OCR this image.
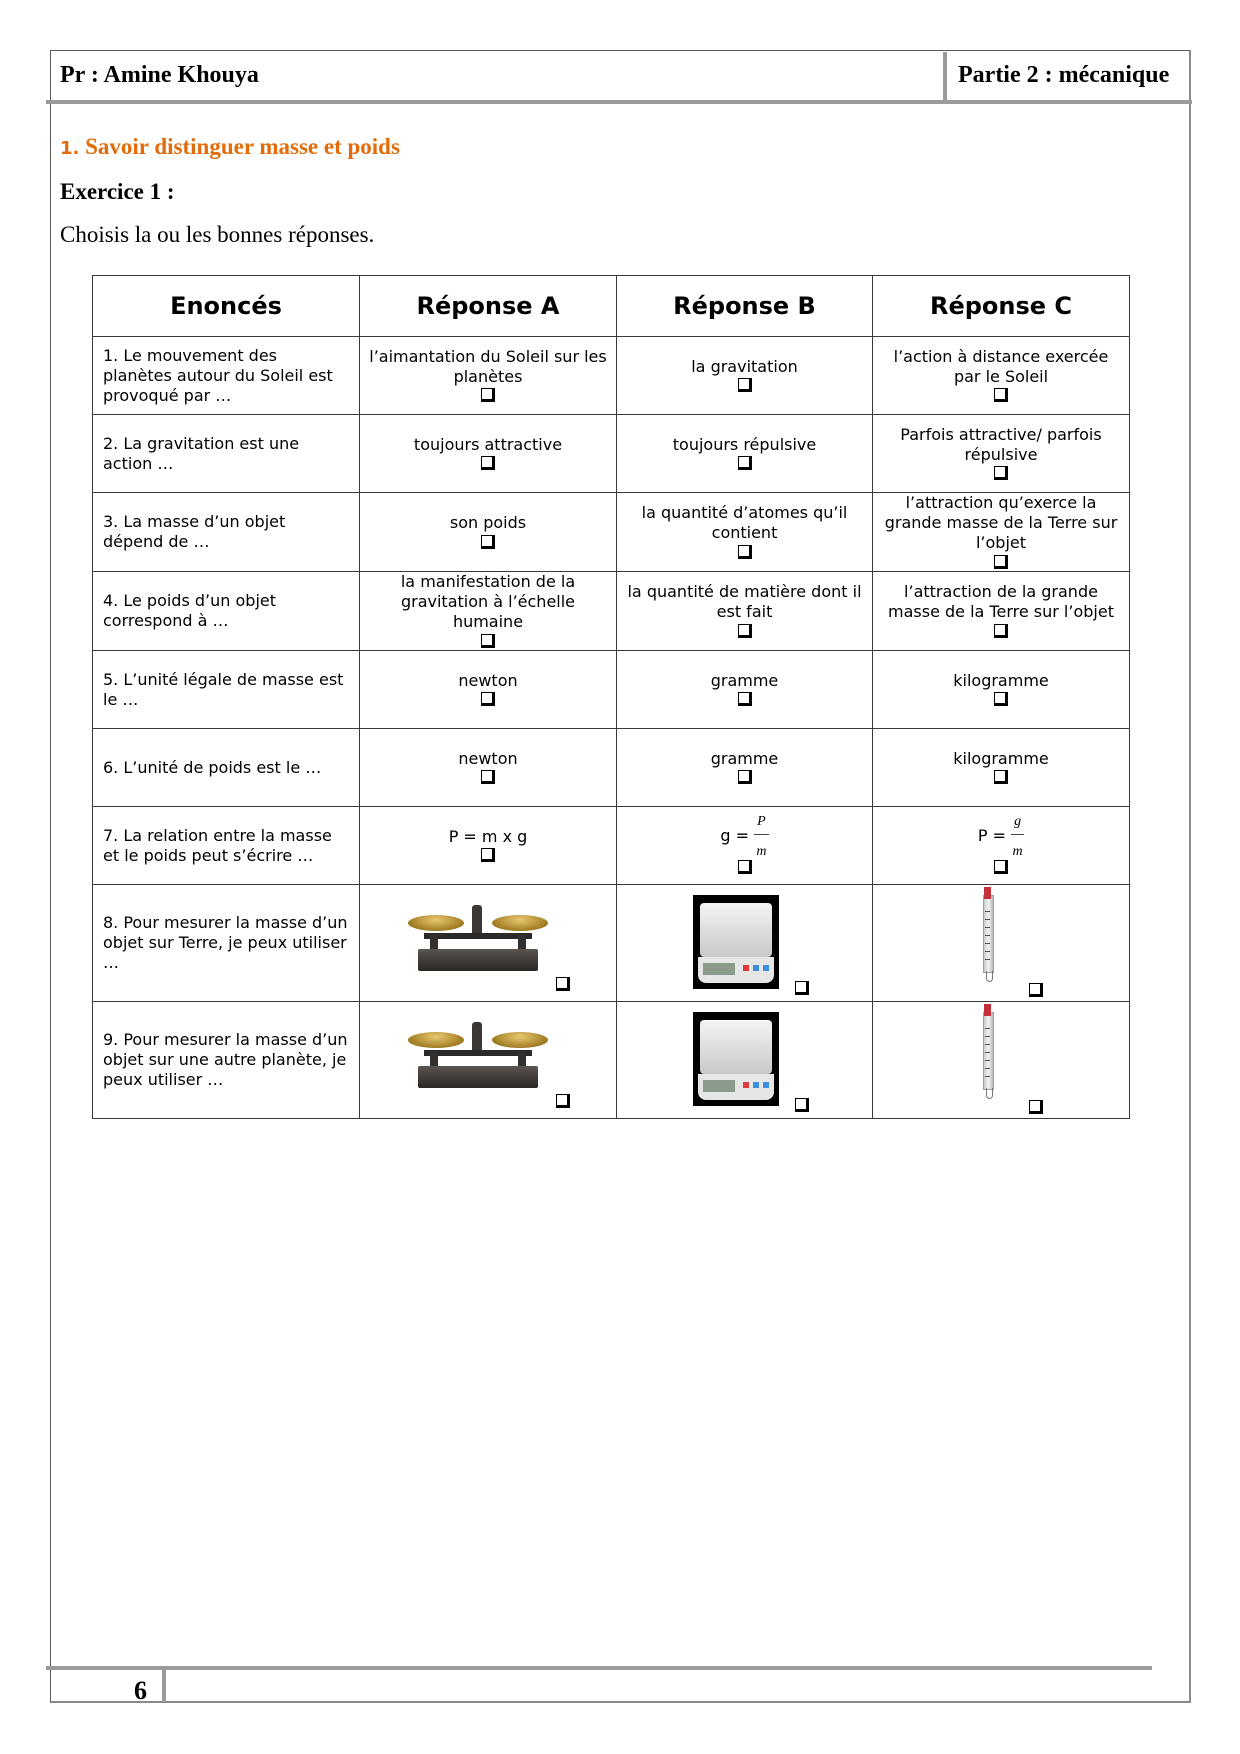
Pr : Amine Khouya	Partie 2 : mécanique
1. Savoir distinguer masse et poids
Exercice 1 :
Choisis la ou les bonnes réponses.
Enoncés	Réponse A	Réponse B	Réponse C
1. Le mouvement des planètes autour du Soleil est provoqué par …	l’aimantation du Soleil sur les planètes	la gravitation	l’action à distance exercée par le Soleil

2. La gravitation est une action …	toujours attractive	toujours répulsive	Parfois attractive/ parfois répulsive

3. La masse d’un objet dépend de …	son poids	la quantité d’atomes qu’il contient	l’attraction qu’exerce la grande masse de la Terre sur l’objet

4. Le poids d’un objet correspond à …	la manifestation de la gravitation à l’échelle humaine	la quantité de matière dont il est fait	l’attraction de la grande masse de la Terre sur l’objet

5. L’unité légale de masse est le …	newton	gramme	kilogramme

6. L’unité de poids est le …	newton	gramme	kilogramme

7. La relation entre la masse et le poids peut s’écrire …	P = m x g	$g = \frac{P}{m}$	$P = \frac{g}{m}$

8. Pour mesurer la masse d’un objet sur Terre, je peux utiliser …	

9. Pour mesurer la masse d’un objet sur une autre planète, je peux utiliser …	

6
